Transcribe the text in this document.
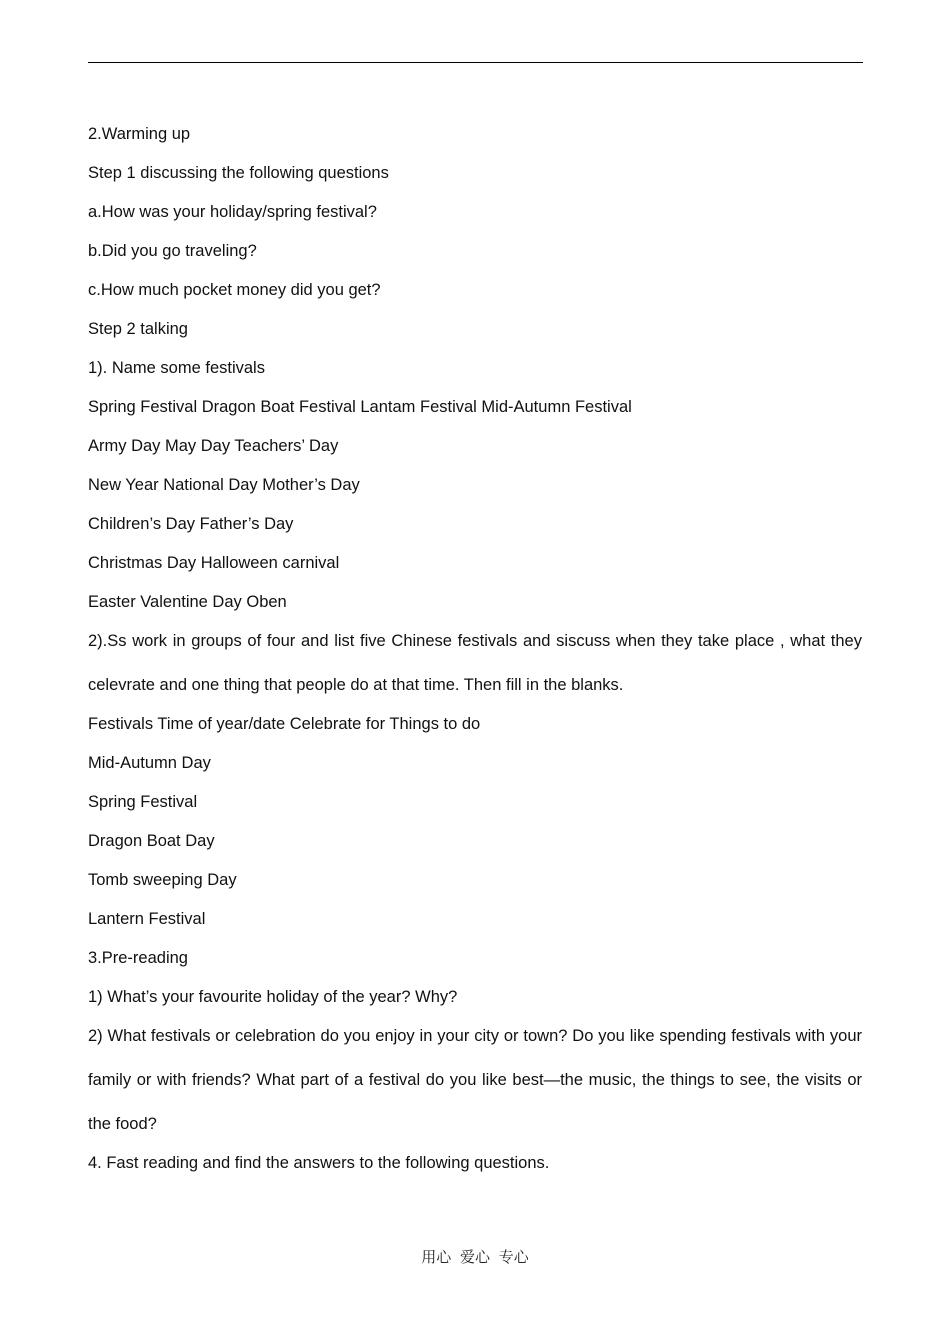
2.Warming up
Step 1 discussing the following questions
a.How was your holiday/spring festival?
b.Did you go traveling?
c.How much pocket money did you get?
Step 2 talking
1). Name some festivals
Spring Festival Dragon Boat Festival Lantam Festival Mid-Autumn Festival
Army Day May Day Teachers’ Day
New Year National Day Mother’s Day
Children’s Day Father’s Day
Christmas Day Halloween carnival
Easter Valentine Day Oben
2).Ss work in groups of four and list five Chinese festivals and siscuss when they take place , what they celevrate and one thing that people do at that time. Then fill in the blanks.
Festivals Time of year/date Celebrate for Things to do
Mid-Autumn Day
Spring Festival
Dragon Boat Day
Tomb sweeping Day
Lantern Festival
3.Pre-reading
1) What’s your favourite holiday of the year? Why?
2) What festivals or celebration do you enjoy in your city or town? Do you like spending festivals with your family or with friends? What part of a festival do you like best—the music, the things to see, the visits or the food?
4. Fast reading and find the answers to the following questions.
用心 爱心 专心
